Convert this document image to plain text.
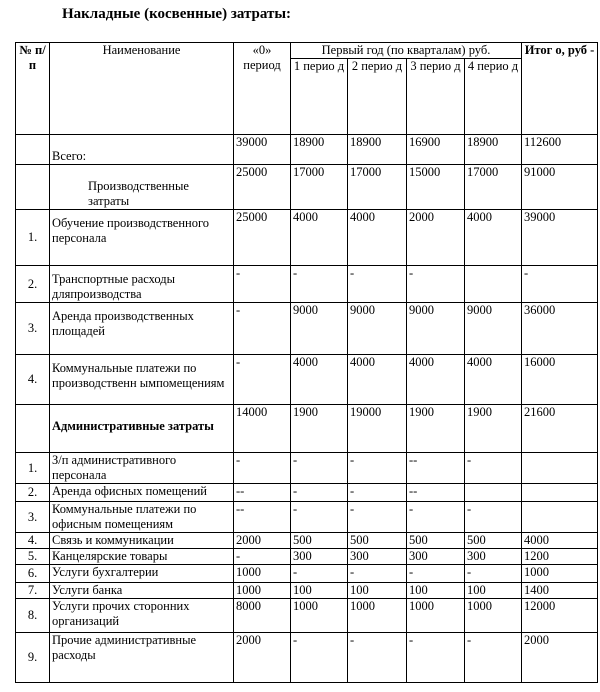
Накладные (косвенные) затраты:
№ п/п	Наименование	«0» период	Первый год (по кварталам) руб.				Итог о, руб -
			1 перио д	2 перио д	3 перио д	4 перио д	
	Всего:	39000	18900	18900	16900	18900	112600
	Производственные затраты	25000	17000	17000	15000	17000	91000
1.	Обучение производственного персонала	25000	4000	4000	2000	4000	39000
2.	Транспортные расходы дляпроизводства	-	-	-	-		-
3.	Аренда производственных площадей	-	9000	9000	9000	9000	36000
4.	Коммунальные платежи по производственн ымпомещениям	-	4000	4000	4000	4000	16000
	Административные затраты	14000	1900	19000	1900	1900	21600
1.	З/п административного персонала	-	-	-	--	-	
2.	Аренда офисных помещений	--	-	-	--		
3.	Коммунальные платежи по офисным помещениям	--	-	-	-	-	
4.	Связь и коммуникации	2000	500	500	500	500	4000
5.	Канцелярские товары	-	300	300	300	300	1200
6.	Услуги бухгалтерии	1000	-	-	-	-	1000
7.	Услуги банка	1000	100	100	100	100	1400
8.	Услуги прочих сторонних организаций	8000	1000	1000	1000	1000	12000
9.	Прочие административные расходы	2000	-	-	-	-	2000
